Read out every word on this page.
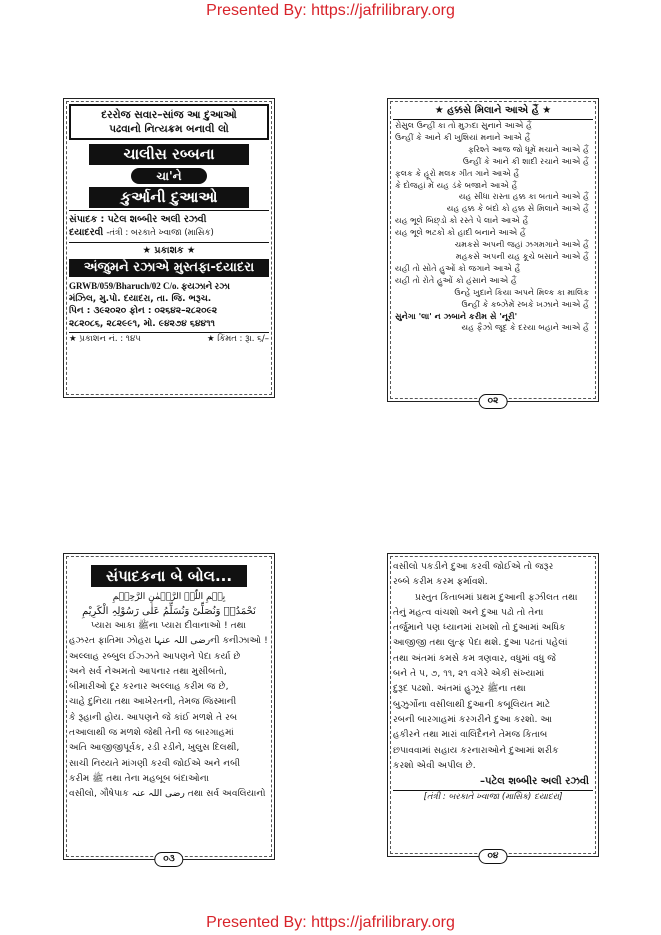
Presented By: https://jafrilibrary.org
દરરોજ સવાર–સાંજ આ દુઆઓ
પઢવાનો નિત્યક્રમ બનાવી લો
ચાલીસ રબ્બના
ચા'ને
કુર્આની દુઆઓ
સંપાદક : પટેલ શબ્બીર અલી રઝવી
દયાદરવી -તંત્રી : બરકાતે ખ્વાજા (માસિક)
★ પ્રકાશક ★
અંજુમને રઝાએ મુસ્તફા-દયાદરા
GRWB/059/Bharuch/02 C/o. ફયઝાને રઝા
મંઝિલ, મુ.પો. દયાદરા, તા. જિ. ભરૂચ.
પિન : ૩૯૨૦૨૦ ફોન : ૦૨૬૪૨–૨૮૨૦૯૨
૨૮૨૦૮૬, ૨૮૨૯૯૧, મો. ૯૪૨૭૪ ૬૪૪૧૧
★ પ્રકાશન નં. : ૧૪૫	★ કિંમત : રૂા. ૬/–
★ હક્કસે મિલાને આએ હૈં ★
રોસુલ ઉન્હીં કા તો મુઝ્દા સુનાને આએ હૈં
ઉન્હીં કે આને કી ખુશિયાં મનાને આએ હૈં
ફરિશ્તે આજ જો ધૂમેં મચાને આએ હૈં
ઉન્હીં કે આને કી શાદી રચાને આએ હૈં
ફલક કે હૂરો મલક ગીત ગાને આએ હૈં
કે દોજહાં મેં યહ ડંકે બજાને આએ હૈં
યહ સીધા રાસ્તા હક્ક કા બતાને આએ હૈં
યહ હક્ક કે બંદો કો હક્ક સે મિલાને આએ હૈં
યહ ભૂલે બિછ્ડો કો રસ્તે પે લાને આએ હૈં
યહ ભૂલે ભટકોં કો હાદી બનાને આએ હૈં
ચમકસે અપની જહાં ઝગમગાને આએ હૈં
મહકસે અપની યહ કૂચે બસાને આએ હૈં
યહી તો સોતે હુઓં કો જગાને આએ હૈં
યહી તો રોતે હુઓં કો હંસાને આએ હૈં
ઉન્હેં ખુદાને કિયા અપને મિલ્ક કા માલિક
ઉન્હીં કે કબ્ઝેમેં રબકે ખઝાને આએ હૈં
સુનેગા 'લા' ન ઝબાને કરીમ સે 'નૂરી'
યહ ફૈઝો જૂદ કે દરયા બહાને આએ હૈં
૦૨
સંપાદકના બે બોલ...
بِسۡمِ اللّٰہِ الرَّحۡمٰنِ الرَّحِیۡمِ
نَحْمَدُہٗ وَنُصَلِّیْ وَنُسَلِّمُ عَلٰی رَسُوْلِہِ الْکَرِیْمِ
પ્યારા આકા ﷺના પ્યારા દીવાનાઓ ! તથા
હઝરત ફાતિમા ઝોહરા رضی اللہ عنہاની કનીઝાઓ !
અલ્લાહ રબ્બુલ ઈઝ્ઝતે આપણને પેદા કર્યા છે
અને સર્વ નેઅમતો આપનાર તથા મુસીબતો,
બીમારીઓ દૂર કરનાર અલ્લાહ કરીમ જ છે,
ચાહે દુનિયા તથા આખેરતની, તેમજ જિસ્માની
કે રૂહાની હોય. આપણને જે કાંઈ મળશે તે રબ
તઆલાથી જ મળશે જેથી તેની જ બારગાહમાં
અતિ આજીજીપૂર્વક, રડી રડીને, ખુલુસ દિલથી,
સાચી નિય્યતે માંગણી કરવી જોઈએ અને નબી
કરીમ ﷺ તથા તેના મહબૂબ બંદાઓના
વસીલો, ગૌષેપાક رضی اللہ عنہ તથા સર્વ અવલિયાનો
૦૩
વસીલો પકડીને દુઆ કરવી જોઈએ તો જરૂર
રબ્બે કરીમ કરમ ફર્માવશે.
પ્રસ્તુત કિતાબમાં પ્રથમ દુઆની ફઝીલત તથા
તેનું મહત્વ વાંચશો અને દુઆ પઢો તો તેના
તર્જુમાને પણ ધ્યાનમાં રાખશો તો દુઆમાં અધિક
આજીજી તથા લુત્ફ પેદા થશે. દુઆ પઢતાં પહેલાં
તથા અંતમાં કમસે કમ ત્રણવાર, વધુમાં વધુ જે
બને તે ૫, ૭, ૧૧, ૨૧ વગેરે એકી સંખ્યામાં
દુરૂદ પઢશો. અંતમાં હુઝૂર ﷺના તથા
બુઝુર્ગોના વસીલાથી દુઆની કબૂલિયત માટે
રબની બારગાહમાં કરગરીને દુઆ કરશો. આ
હકીરને તથા મારાં વાલિદૈનને તેમજ કિતાબ
છપાવવામાં સહાય કરનારાઓને દુઆમાં શરીક
કરશો એવી અપીલ છે.
–પટેલ શબ્બીર અલી રઝવી
[તંત્રી : બરકાતે ખ્વાજા (માસિક) દયાદરા]
૦૪
Presented By: https://jafrilibrary.org
